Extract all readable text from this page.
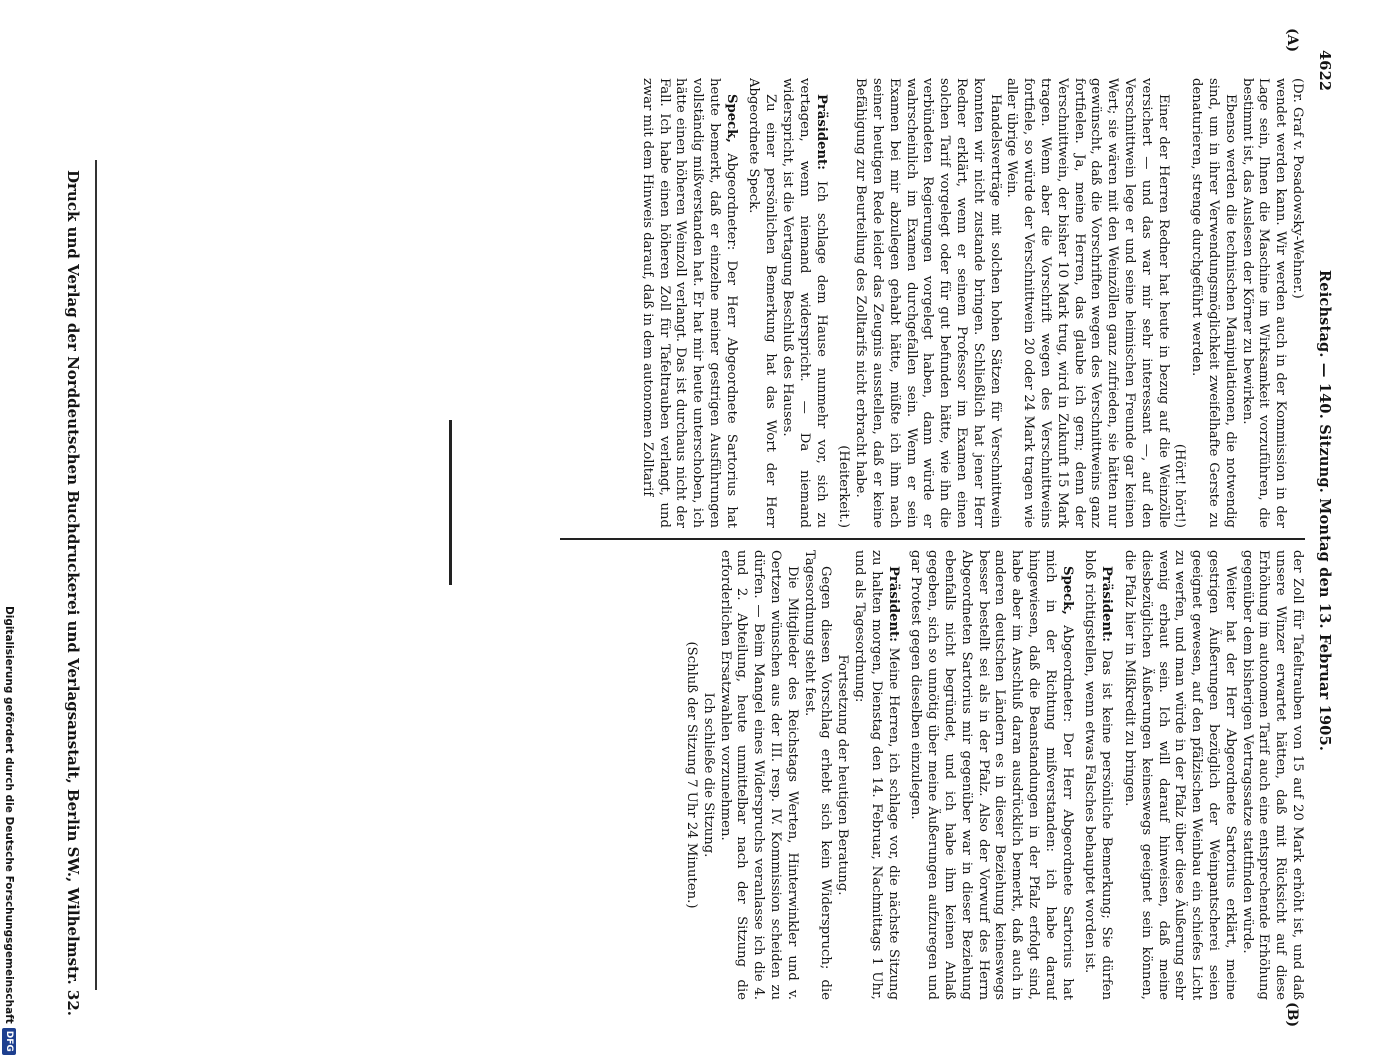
4622
Reichstag. — 140. Sitzung. Montag den 13. Februar 1905.
(A)
(B)

(Dr. Graf v. Posadowsky-Wehner.)

wendet werden kann. Wir werden auch in der Kommission in der Lage sein, Ihnen die Maschine im Wirksamkeit vorzuführen, die bestimmt ist, das Auslesen der Körner zu bewirken.

Ebenso werden die technischen Manipulationen, die notwendig sind, um in ihrer Verwendungsmöglichkeit zweifelhafte Gerste zu denaturieren, strenge durchgeführt werden.

(Hört! hört!)

Einer der Herren Redner hat heute in bezug auf die Weinzölle versichert — und das war mir sehr interessant —, auf den Verschnittwein lege er und seine heimischen Freunde gar keinen Wert; sie wären mit den Weinzöllen ganz zufrieden, sie hätten nur gewünscht, daß die Vorschriften wegen des Verschnittweins ganz fortfielen. Ja, meine Herren, das glaube ich gern; denn der Verschnittwein, der bisher 10 Mark trug, wird in Zukunft 15 Mark tragen. Wenn aber die Vorschrift wegen des Verschnittweins fortfiele, so würde der Verschnittwein 20 oder 24 Mark tragen wie aller übrige Wein.

Handelsverträge mit solchen hohen Sätzen für Verschnittwein konnten wir nicht zustande bringen. Schließlich hat jener Herr Redner erklärt, wenn er seinem Professor im Examen einen solchen Tarif vorgelegt oder für gut befunden hätte, wie ihn die verbündeten Regierungen vorgelegt haben, dann würde er wahrscheinlich im Examen durchgefallen sein. Wenn er sein Examen bei mir abzulegen gehabt hätte, müßte ich ihm nach seiner heutigen Rede leider das Zeugnis ausstellen, daß er keine Befähigung zur Beurteilung des Zolltarifs nicht erbracht habe.

(Heiterkeit.)

Präsident: Ich schlage dem Hause nunmehr vor, sich zu vertagen, wenn niemand widerspricht. — Da niemand widerspricht, ist die Vertagung Beschluß des Hauses.

Zu einer persönlichen Bemerkung hat das Wort der Herr Abgeordnete Speck.

Speck, Abgeordneter: Der Herr Abgeordnete Sartorius hat heute bemerkt, daß er einzelne meiner gestrigen Ausführungen vollständig mißverstanden hat. Er hat mir heute unterschoben, ich hätte einen höheren Weinzoll verlangt. Das ist durchaus nicht der Fall. Ich habe einen höheren Zoll für Tafeltrauben verlangt, und zwar mit dem Hinweis darauf, daß in dem autonomen Zolltarif

der Zoll für Tafeltrauben von 15 auf 20 Mark erhöht ist, und daß unsere Winzer erwartet hätten, daß mit Rücksicht auf diese Erhöhung im autonomen Tarif auch eine entsprechende Erhöhung gegenüber dem bisherigen Vertragssatze stattfinden würde.

Weiter hat der Herr Abgeordnete Sartorius erklärt, meine gestrigen Äußerungen bezüglich der Weinpantscherei seien geeignet gewesen, auf den pfälzischen Weinbau ein schiefes Licht zu werfen, und man würde in der Pfalz über diese Äußerung sehr wenig erbaut sein. Ich will darauf hinweisen, daß meine diesbezüglichen Äußerungen keineswegs geeignet sein können, die Pfalz hier in Mißkredit zu bringen.

Präsident: Das ist keine persönliche Bemerkung; Sie dürfen bloß richtigstellen, wenn etwas Falsches behauptet worden ist.

Speck, Abgeordneter: Der Herr Abgeordnete Sartorius hat mich in der Richtung mißverstanden: ich habe darauf hingewiesen, daß die Beanstandungen in der Pfalz erfolgt sind, habe aber im Anschluß daran ausdrücklich bemerkt, daß auch in anderen deutschen Ländern es in dieser Beziehung keineswegs besser bestellt sei als in der Pfalz. Also der Vorwurf des Herrn Abgeordneten Sartorius mir gegenüber war in dieser Beziehung ebenfalls nicht begründet, und ich habe ihm keinen Anlaß gegeben, sich so unnötig über meine Äußerungen aufzuregen und gar Protest gegen dieselben einzulegen.

Präsident: Meine Herren, ich schlage vor, die nächste Sitzung zu halten morgen, Dienstag den 14. Februar, Nachmittags 1 Uhr, und als Tagesordnung:

Fortsetzung der heutigen Beratung.

Gegen diesen Vorschlag erhebt sich kein Widerspruch; die Tagesordnung steht fest.

Die Mitglieder des Reichstags Werten, Hinterwinkler und v. Oertzen wünschen aus der III. resp. IV. Kommission scheiden zu dürfen. — Beim Mangel eines Widerspruchs veranlasse ich die 4. und 2. Abteilung, heute unmittelbar nach der Sitzung die erforderlichen Ersatzwahlen vorzunehmen.

Ich schließe die Sitzung.

(Schluß der Sitzung 7 Uhr 24 Minuten.)

Druck und Verlag der Norddeutschen Buchdruckerei und Verlagsanstalt, Berlin SW., Wilhelmstr. 32.
Digitalisierung gefördert durch die Deutsche Forschungsgemeinschaft
DFG
